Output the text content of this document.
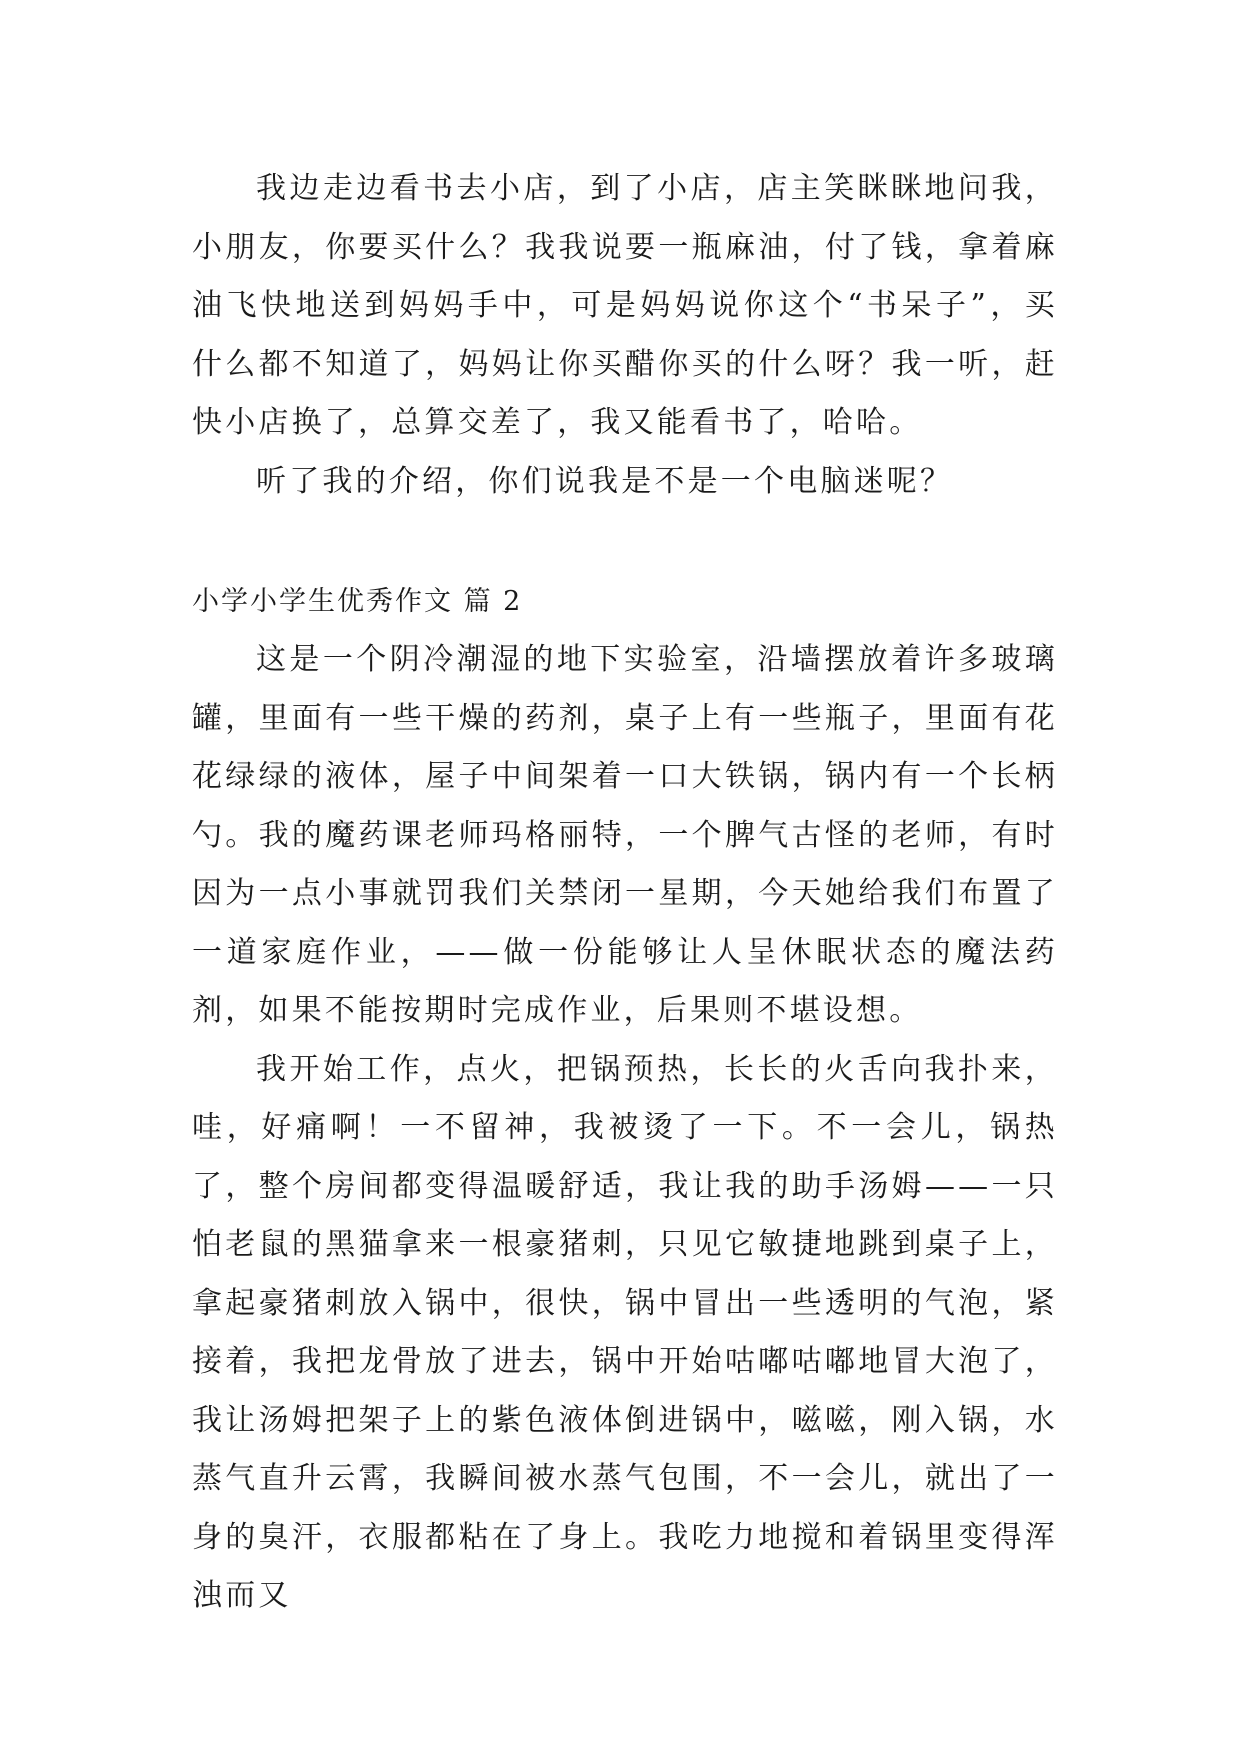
我边走边看书去小店，到了小店，店主笑眯眯地问我，小朋友，你要买什么？我我说要一瓶麻油，付了钱，拿着麻油飞快地送到妈妈手中，可是妈妈说你这个“书呆子”，买什么都不知道了，妈妈让你买醋你买的什么呀？我一听，赶快小店换了，总算交差了，我又能看书了，哈哈。

听了我的介绍，你们说我是不是一个电脑迷呢？

小学小学生优秀作文 篇 2

这是一个阴冷潮湿的地下实验室，沿墙摆放着许多玻璃罐，里面有一些干燥的药剂，桌子上有一些瓶子，里面有花花绿绿的液体，屋子中间架着一口大铁锅，锅内有一个长柄勺。我的魔药课老师玛格丽特，一个脾气古怪的老师，有时因为一点小事就罚我们关禁闭一星期，今天她给我们布置了一道家庭作业，——做一份能够让人呈休眠状态的魔法药剂，如果不能按期时完成作业，后果则不堪设想。

我开始工作，点火，把锅预热，长长的火舌向我扑来，哇，好痛啊！一不留神，我被烫了一下。不一会儿，锅热了，整个房间都变得温暖舒适，我让我的助手汤姆——一只怕老鼠的黑猫拿来一根豪猪刺，只见它敏捷地跳到桌子上，拿起豪猪刺放入锅中，很快，锅中冒出一些透明的气泡，紧接着，我把龙骨放了进去，锅中开始咕嘟咕嘟地冒大泡了，我让汤姆把架子上的紫色液体倒进锅中，嗞嗞，刚入锅，水蒸气直升云霄，我瞬间被水蒸气包围，不一会儿，就出了一身的臭汗，衣服都粘在了身上。我吃力地搅和着锅里变得浑浊而又
